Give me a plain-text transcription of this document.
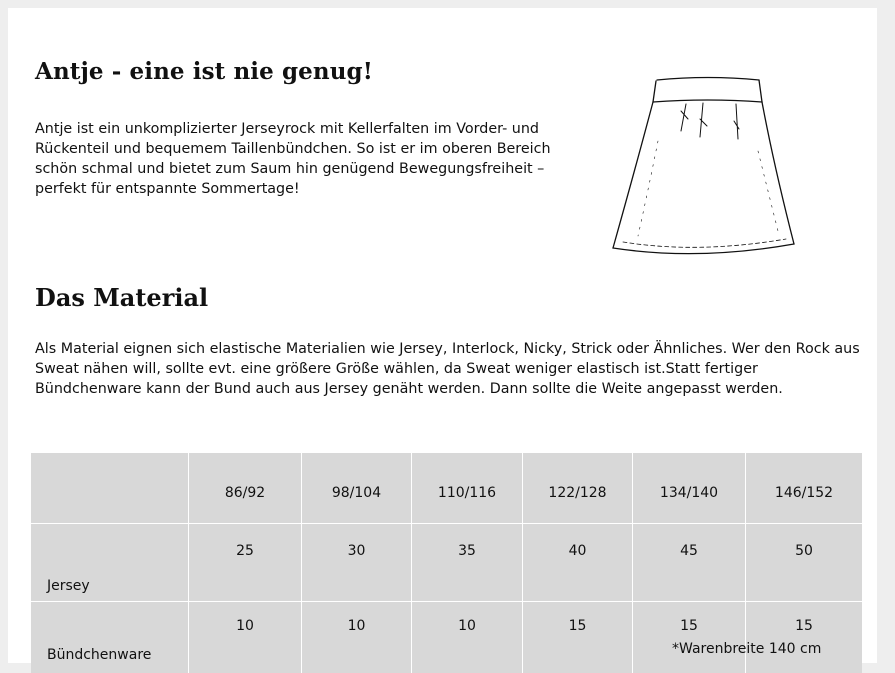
Antje - eine ist nie genug!

Antje ist ein unkomplizierter Jerseyrock mit Kellerfalten im Vorder- und Rückenteil und bequemem Taillenbündchen. So ist er im oberen Bereich schön schmal und bietet zum Saum hin genügend Bewegungsfreiheit – perfekt für entspannte Sommertage!

Das Material

Als Material eignen sich elastische Materialien wie Jersey, Interlock, Nicky, Strick oder Ähnliches. Wer den Rock aus Sweat nähen will, sollte evt. eine größere Größe wählen, da Sweat weniger elastisch ist.Statt fertiger Bündchenware kann der Bund auch aus Jersey genäht werden. Dann sollte die Weite angepasst werden.

	86/92	98/104	110/116	122/128	134/140	146/152
Jersey	25	30	35	40	45	50
Bündchenware	10	10	10	15	15	15

*Warenbreite 140 cm
